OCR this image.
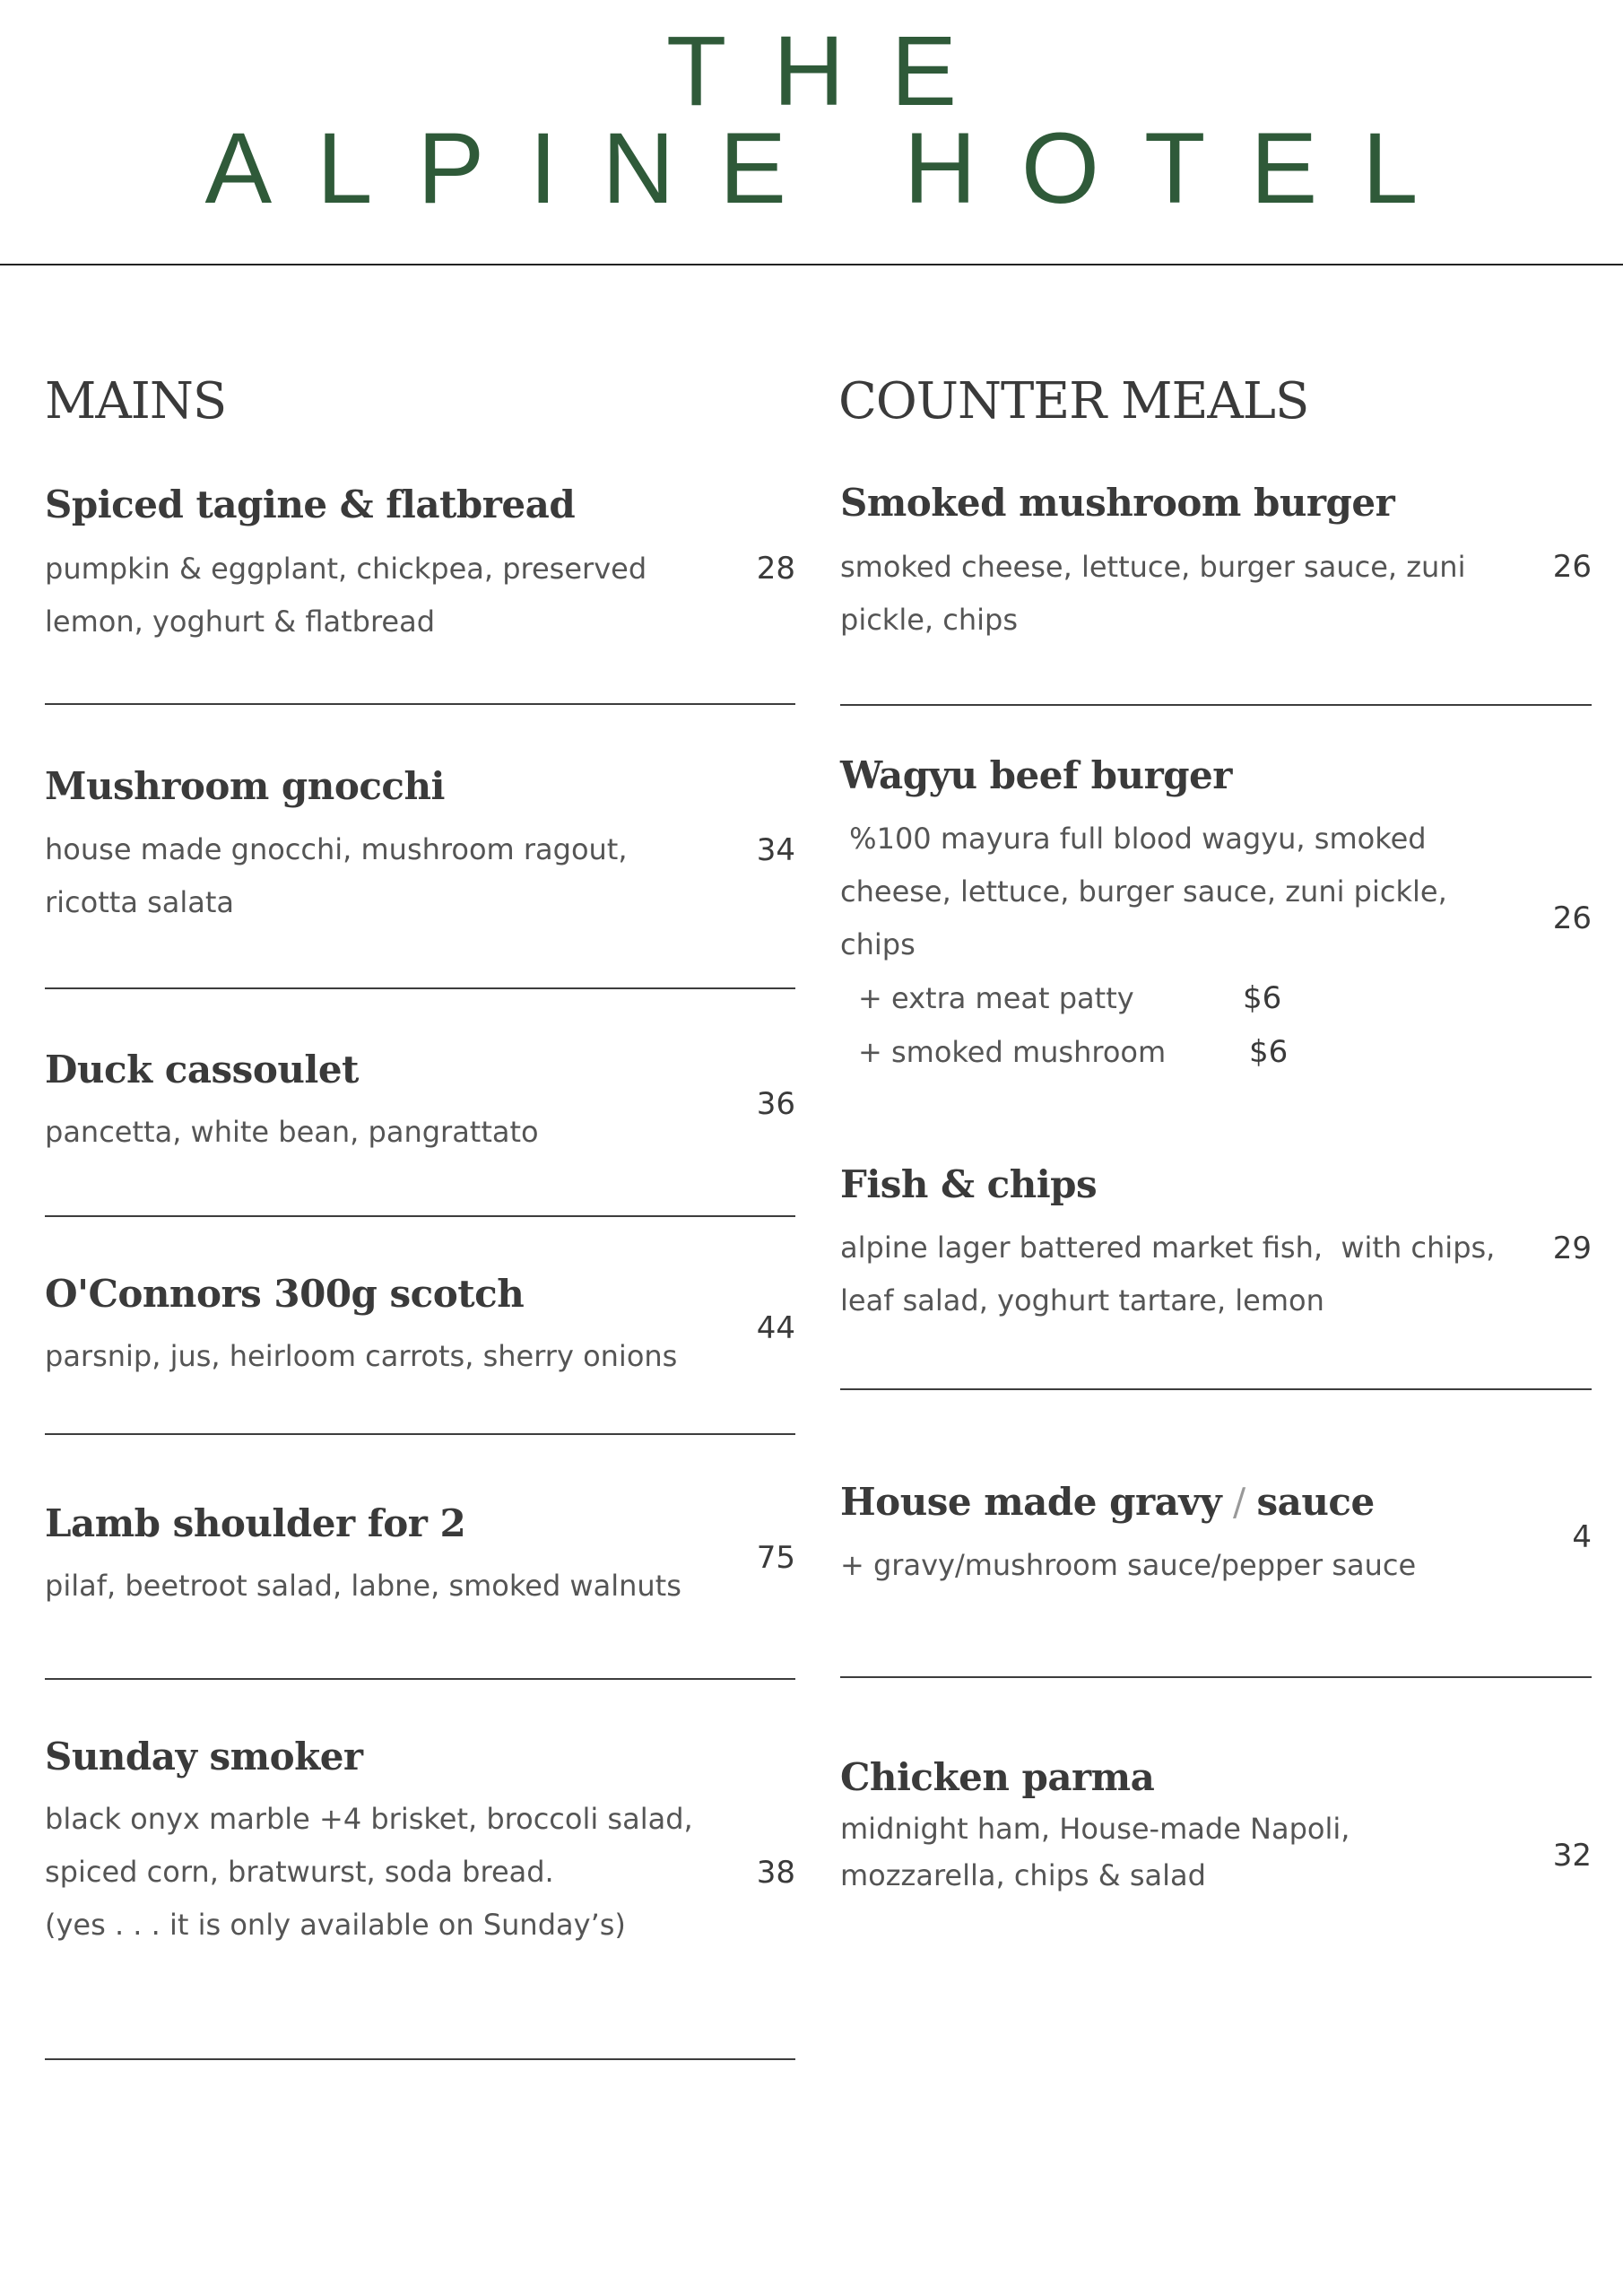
THE
ALPINE HOTEL
MAINS
Spiced tagine & flatbread
pumpkin & eggplant, chickpea, preserved
lemon, yoghurt & flatbread
28
Mushroom gnocchi
house made gnocchi, mushroom ragout,
ricotta salata
34
Duck cassoulet
pancetta, white bean, pangrattato
36
O'Connors 300g scotch
parsnip, jus, heirloom carrots, sherry onions
44
Lamb shoulder for 2
pilaf, beetroot salad, labne, smoked walnuts
75
Sunday smoker
black onyx marble +4 brisket, broccoli salad,
spiced corn, bratwurst, soda bread.
(yes . . . it is only available on Sunday’s)
38
COUNTER MEALS
Smoked mushroom burger
smoked cheese, lettuce, burger sauce, zuni
pickle, chips
26
Wagyu beef burger
%100 mayura full blood wagyu, smoked
cheese, lettuce, burger sauce, zuni pickle,
chips
26
+ extra meat patty	$6
+ smoked mushroom	$6
Fish & chips
alpine lager battered market fish,  with chips,
leaf salad, yoghurt tartare, lemon
29
House made gravy / sauce
+ gravy/mushroom sauce/pepper sauce
4
Chicken parma
midnight ham, House-made Napoli,
mozzarella, chips & salad
32
